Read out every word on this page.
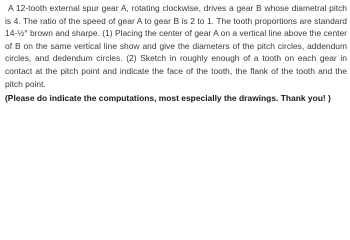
A 12-tooth external spur gear A, rotating clockwise, drives a gear B whose diametral pitch is 4. The ratio of the speed of gear A to gear B is 2 to 1. The tooth proportions are standard 14-½° brown and sharpe. (1) Placing the center of gear A on a vertical line above the center of B on the same vertical line show and give the diameters of the pitch circles, addendum circles, and dedendum circles. (2) Sketch in roughly enough of a tooth on each gear in contact at the pitch point and indicate the face of the tooth, the flank of the tooth and the pitch point.

(Please do indicate the computations, most especially the drawings. Thank you! )
